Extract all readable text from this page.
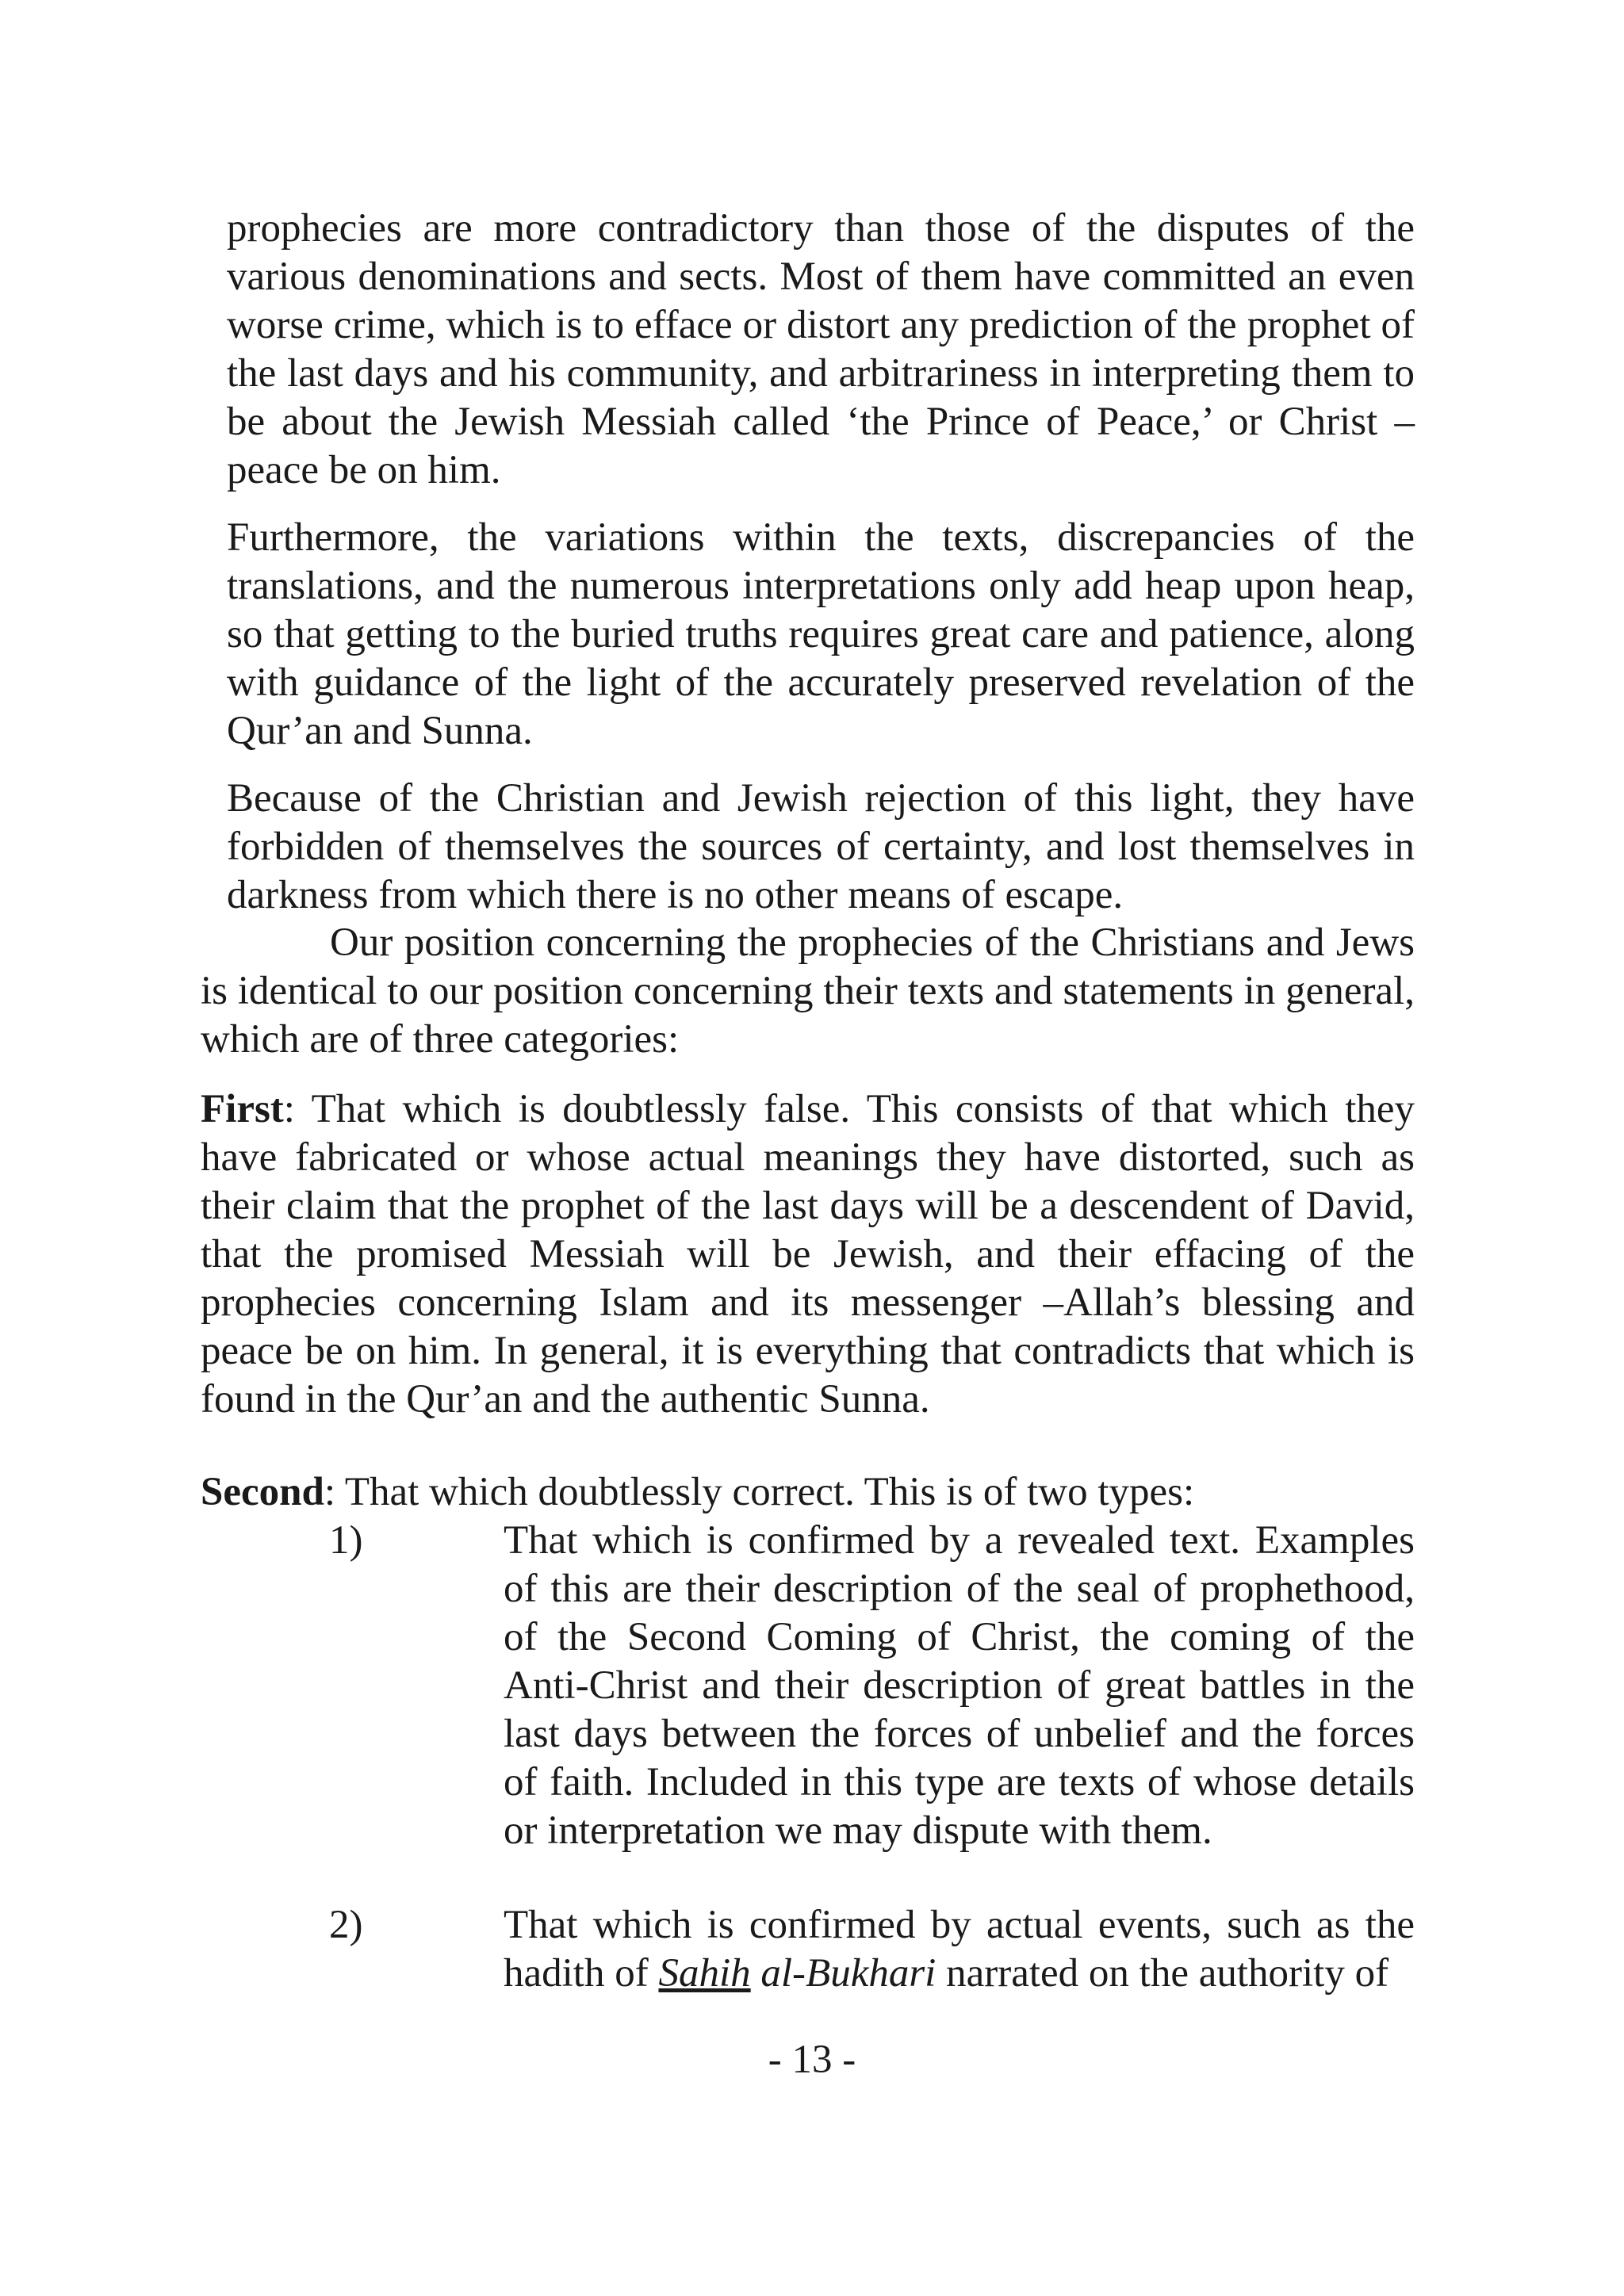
prophecies are more contradictory than those of the disputes of the various denominations and sects. Most of them have committed an even worse crime, which is to efface or distort any prediction of the prophet of the last days and his community, and arbitrariness in interpreting them to be about the Jewish Messiah called ‘the Prince of Peace,’ or Christ –peace be on him.

Furthermore, the variations within the texts, discrepancies of the translations, and the numerous interpretations only add heap upon heap, so that getting to the buried truths requires great care and patience, along with guidance of the light of the accurately preserved revelation of the Qur’an and Sunna.

Because of the Christian and Jewish rejection of this light, they have forbidden of themselves the sources of certainty, and lost themselves in darkness from which there is no other means of escape.

Our position concerning the prophecies of the Christians and Jews is identical to our position concerning their texts and statements in general, which are of three categories:

First: That which is doubtlessly false. This consists of that which they have fabricated or whose actual meanings they have distorted, such as their claim that the prophet of the last days will be a descendent of David, that the promised Messiah will be Jewish, and their effacing of the prophecies concerning Islam and its messenger –Allah’s blessing and peace be on him. In general, it is everything that contradicts that which is found in the Qur’an and the authentic Sunna.

Second: That which doubtlessly correct. This is of two types:

1)	That which is confirmed by a revealed text. Examples of this are their description of the seal of prophethood, of the Second Coming of Christ, the coming of the Anti-Christ and their description of great battles in the last days between the forces of unbelief and the forces of faith. Included in this type are texts of whose details or interpretation we may dispute with them.
2)	That which is confirmed by actual events, such as the hadith of Sahih al-Bukhari narrated on the authority of
- 13 -
